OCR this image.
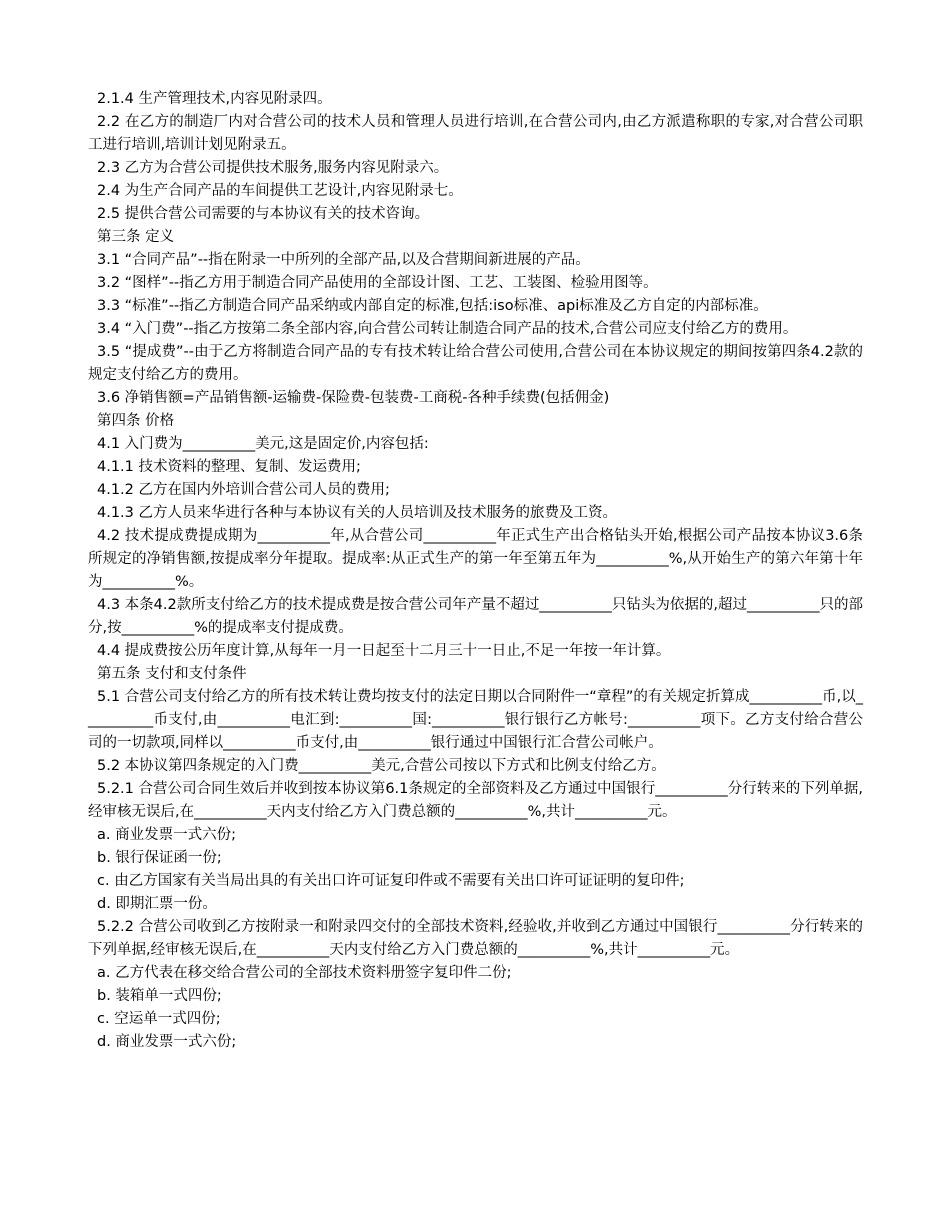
2.1.4 生产管理技术,内容见附录四。

2.2 在乙方的制造厂内对合营公司的技术人员和管理人员进行培训,在合营公司内,由乙方派遣称职的专家,对合营公司职工进行培训,培训计划见附录五。

2.3 乙方为合营公司提供技术服务,服务内容见附录六。

2.4 为生产合同产品的车间提供工艺设计,内容见附录七。

2.5 提供合营公司需要的与本协议有关的技术咨询。

第三条 定义

3.1 “合同产品”--指在附录一中所列的全部产品,以及合营期间新进展的产品。

3.2 “图样”--指乙方用于制造合同产品使用的全部设计图、工艺、工装图、检验用图等。

3.3 “标准”--指乙方制造合同产品采纳或内部自定的标准,包括:iso标准、api标准及乙方自定的内部标准。

3.4 “入门费”--指乙方按第二条全部内容,向合营公司转让制造合同产品的技术,合营公司应支付给乙方的费用。

3.5 “提成费”--由于乙方将制造合同产品的专有技术转让给合营公司使用,合营公司在本协议规定的期间按第四条4.2款的规定支付给乙方的费用。

3.6 净销售额=产品销售额-运输费-保险费-包装费-工商税-各种手续费(包括佣金)

第四条 价格

4.1 入门费为__________美元,这是固定价,内容包括:

4.1.1 技术资料的整理、复制、发运费用;

4.1.2 乙方在国内外培训合营公司人员的费用;

4.1.3 乙方人员来华进行各种与本协议有关的人员培训及技术服务的旅费及工资。

4.2 技术提成费提成期为__________年,从合营公司__________年正式生产出合格钻头开始,根据公司产品按本协议3.6条所规定的净销售额,按提成率分年提取。提成率:从正式生产的第一年至第五年为__________%,从开始生产的第六年第十年为__________%。

4.3 本条4.2款所支付给乙方的技术提成费是按合营公司年产量不超过__________只钻头为依据的,超过__________只的部分,按__________%的提成率支付提成费。

4.4 提成费按公历年度计算,从每年一月一日起至十二月三十一日止,不足一年按一年计算。

第五条 支付和支付条件

5.1 合营公司支付给乙方的所有技术转让费均按支付的法定日期以合同附件一“章程”的有关规定折算成__________币,以__________币支付,由__________电汇到:__________国:__________银行银行乙方帐号:__________项下。乙方支付给合营公司的一切款项,同样以__________币支付,由__________银行通过中国银行汇合营公司帐户。

5.2 本协议第四条规定的入门费__________美元,合营公司按以下方式和比例支付给乙方。

5.2.1 合营公司合同生效后并收到按本协议第6.1条规定的全部资料及乙方通过中国银行__________分行转来的下列单据,经审核无误后,在__________天内支付给乙方入门费总额的__________%,共计__________元。

a. 商业发票一式六份;

b. 银行保证函一份;

c. 由乙方国家有关当局出具的有关出口许可证复印件或不需要有关出口许可证证明的复印件;

d. 即期汇票一份。

5.2.2 合营公司收到乙方按附录一和附录四交付的全部技术资料,经验收,并收到乙方通过中国银行__________分行转来的下列单据,经审核无误后,在__________天内支付给乙方入门费总额的__________%,共计__________元。

a. 乙方代表在移交给合营公司的全部技术资料册签字复印件二份;

b. 装箱单一式四份;

c. 空运单一式四份;

d. 商业发票一式六份;
